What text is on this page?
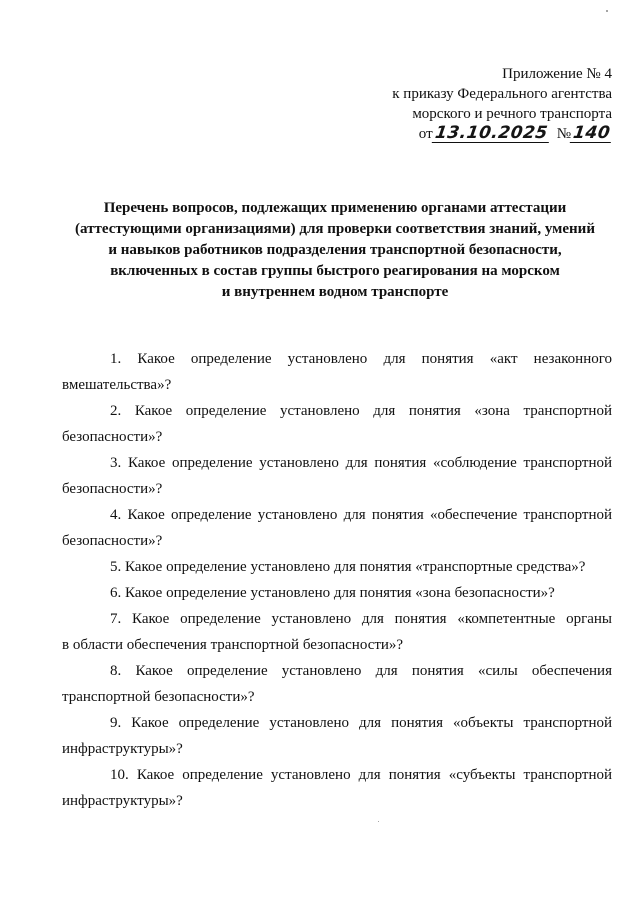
Приложение № 4
к приказу Федерального агентства
морского и речного транспорта
от13.10.2025 №140
Перечень вопросов, подлежащих применению органами аттестации
(аттестующими организациями) для проверки соответствия знаний, умений
и навыков работников подразделения транспортной безопасности,
включенных в состав группы быстрого реагирования на морском
и внутреннем водном транспорте
1. Какое определение установлено для понятия «акт незаконного
вмешательства»?
2. Какое определение установлено для понятия «зона транспортной
безопасности»?
3. Какое определение установлено для понятия «соблюдение транспортной
безопасности»?
4. Какое определение установлено для понятия «обеспечение транспортной
безопасности»?
5. Какое определение установлено для понятия «транспортные средства»?
6. Какое определение установлено для понятия «зона безопасности»?
7. Какое определение установлено для понятия «компетентные органы
в области обеспечения транспортной безопасности»?
8. Какое определение установлено для понятия «силы обеспечения
транспортной безопасности»?
9. Какое определение установлено для понятия «объекты транспортной
инфраструктуры»?
10. Какое определение установлено для понятия «субъекты транспортной
инфраструктуры»?
